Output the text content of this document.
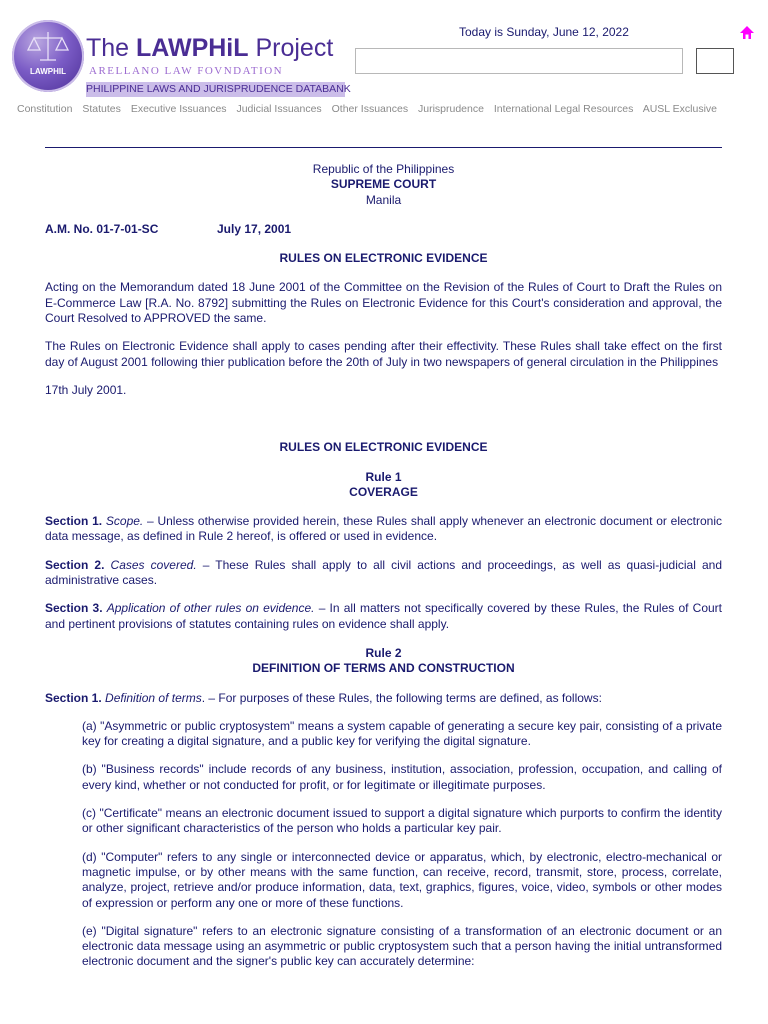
LAWPHIL
The LAWPHiL Project
ARELLANO LAW FOVNDATION
PHILIPPINE LAWS AND JURISPRUDENCE DATABANK
Today is Sunday, June 12, 2022
Constitution Statutes Executive Issuances Judicial Issuances Other Issuances Jurisprudence International Legal Resources AUSL Exclusive
Republic of the Philippines
SUPREME COURT
Manila
A.M. No. 01-7-01-SC	July 17, 2001
RULES ON ELECTRONIC EVIDENCE

Acting on the Memorandum dated 18 June 2001 of the Committee on the Revision of the Rules of Court to Draft the Rules on E-Commerce Law [R.A. No. 8792] submitting the Rules on Electronic Evidence for this Court's consideration and approval, the Court Resolved to APPROVED the same.

The Rules on Electronic Evidence shall apply to cases pending after their effectivity. These Rules shall take effect on the first day of August 2001 following thier publication before the 20th of July in two newspapers of general circulation in the Philippines

17th July 2001.

RULES ON ELECTRONIC EVIDENCE
Rule 1
COVERAGE

Section 1. Scope. – Unless otherwise provided herein, these Rules shall apply whenever an electronic document or electronic data message, as defined in Rule 2 hereof, is offered or used in evidence.

Section 2. Cases covered. – These Rules shall apply to all civil actions and proceedings, as well as quasi-judicial and administrative cases.

Section 3. Application of other rules on evidence. – In all matters not specifically covered by these Rules, the Rules of Court and pertinent provisions of statutes containing rules on evidence shall apply.

Rule 2
DEFINITION OF TERMS AND CONSTRUCTION

Section 1. Definition of terms. – For purposes of these Rules, the following terms are defined, as follows:

(a) "Asymmetric or public cryptosystem" means a system capable of generating a secure key pair, consisting of a private key for creating a digital signature, and a public key for verifying the digital signature.

(b) "Business records" include records of any business, institution, association, profession, occupation, and calling of every kind, whether or not conducted for profit, or for legitimate or illegitimate purposes.

(c) "Certificate" means an electronic document issued to support a digital signature which purports to confirm the identity or other significant characteristics of the person who holds a particular key pair.

(d) "Computer" refers to any single or interconnected device or apparatus, which, by electronic, electro-mechanical or magnetic impulse, or by other means with the same function, can receive, record, transmit, store, process, correlate, analyze, project, retrieve and/or produce information, data, text, graphics, figures, voice, video, symbols or other modes of expression or perform any one or more of these functions.

(e) "Digital signature" refers to an electronic signature consisting of a transformation of an electronic document or an electronic data message using an asymmetric or public cryptosystem such that a person having the initial untransformed electronic document and the signer's public key can accurately determine:
